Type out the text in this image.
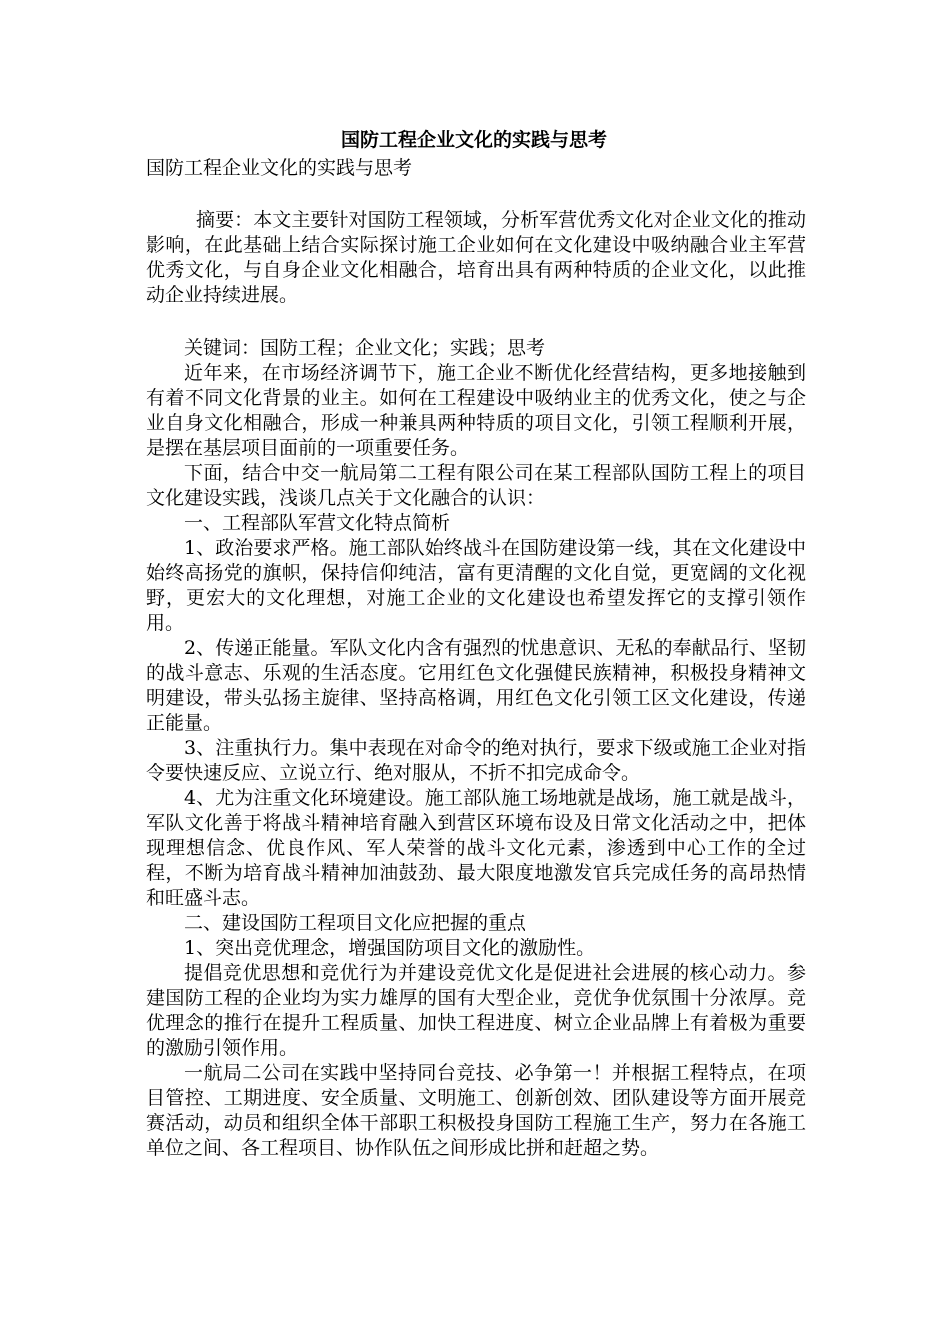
国防工程企业文化的实践与思考
国防工程企业文化的实践与思考

摘要：本文主要针对国防工程领域，分析军营优秀文化对企业文化的推动影响，在此基础上结合实际探讨施工企业如何在文化建设中吸纳融合业主军营优秀文化，与自身企业文化相融合，培育出具有两种特质的企业文化，以此推动企业持续进展。

关键词：国防工程；企业文化；实践；思考

近年来，在市场经济调节下，施工企业不断优化经营结构，更多地接触到有着不同文化背景的业主。如何在工程建设中吸纳业主的优秀文化，使之与企业自身文化相融合，形成一种兼具两种特质的项目文化，引领工程顺利开展，是摆在基层项目面前的一项重要任务。

下面，结合中交一航局第二工程有限公司在某工程部队国防工程上的项目文化建设实践，浅谈几点关于文化融合的认识：

一、工程部队军营文化特点简析

1、政治要求严格。施工部队始终战斗在国防建设第一线，其在文化建设中始终高扬党的旗帜，保持信仰纯洁，富有更清醒的文化自觉，更宽阔的文化视野，更宏大的文化理想，对施工企业的文化建设也希望发挥它的支撑引领作用。

2、传递正能量。军队文化内含有强烈的忧患意识、无私的奉献品行、坚韧的战斗意志、乐观的生活态度。它用红色文化强健民族精神，积极投身精神文明建设，带头弘扬主旋律、坚持高格调，用红色文化引领工区文化建设，传递正能量。

3、注重执行力。集中表现在对命令的绝对执行，要求下级或施工企业对指令要快速反应、立说立行、绝对服从，不折不扣完成命令。

4、尤为注重文化环境建设。施工部队施工场地就是战场，施工就是战斗，军队文化善于将战斗精神培育融入到营区环境布设及日常文化活动之中，把体现理想信念、优良作风、军人荣誉的战斗文化元素，渗透到中心工作的全过程，不断为培育战斗精神加油鼓劲、最大限度地激发官兵完成任务的高昂热情和旺盛斗志。

二、建设国防工程项目文化应把握的重点

1、突出竞优理念，增强国防项目文化的激励性。

提倡竞优思想和竞优行为并建设竞优文化是促进社会进展的核心动力。参建国防工程的企业均为实力雄厚的国有大型企业，竞优争优氛围十分浓厚。竞优理念的推行在提升工程质量、加快工程进度、树立企业品牌上有着极为重要的激励引领作用。

一航局二公司在实践中坚持同台竞技、必争第一！并根据工程特点，在项目管控、工期进度、安全质量、文明施工、创新创效、团队建设等方面开展竞赛活动，动员和组织全体干部职工积极投身国防工程施工生产，努力在各施工单位之间、各工程项目、协作队伍之间形成比拼和赶超之势。
